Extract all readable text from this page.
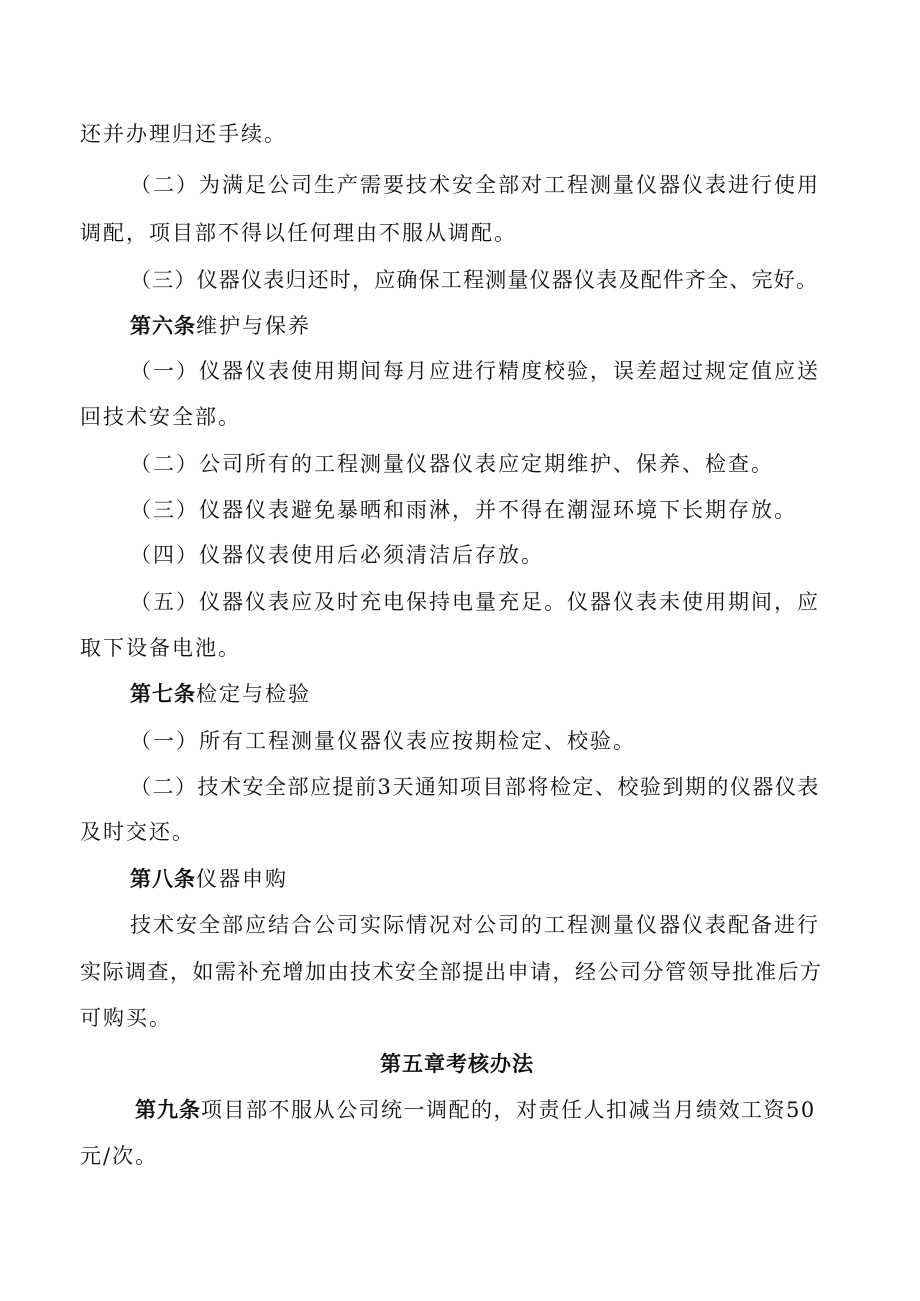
还并办理归还手续。
（二）为满足公司生产需要技术安全部对工程测量仪器仪表进行使用
调配，项目部不得以任何理由不服从调配。
（三）仪器仪表归还时，应确保工程测量仪器仪表及配件齐全、完好。
第六条维护与保养
（一）仪器仪表使用期间每月应进行精度校验，误差超过规定值应送
回技术安全部。
（二）公司所有的工程测量仪器仪表应定期维护、保养、检查。
（三）仪器仪表避免暴晒和雨淋，并不得在潮湿环境下长期存放。
（四）仪器仪表使用后必须清洁后存放。
（五）仪器仪表应及时充电保持电量充足。仪器仪表未使用期间，应
取下设备电池。
第七条检定与检验
（一）所有工程测量仪器仪表应按期检定、校验。
（二）技术安全部应提前3天通知项目部将检定、校验到期的仪器仪表
及时交还。
第八条仪器申购
技术安全部应结合公司实际情况对公司的工程测量仪器仪表配备进行
实际调查，如需补充增加由技术安全部提出申请，经公司分管领导批准后方
可购买。
第五章考核办法
第九条项目部不服从公司统一调配的，对责任人扣减当月绩效工资50
元/次。
